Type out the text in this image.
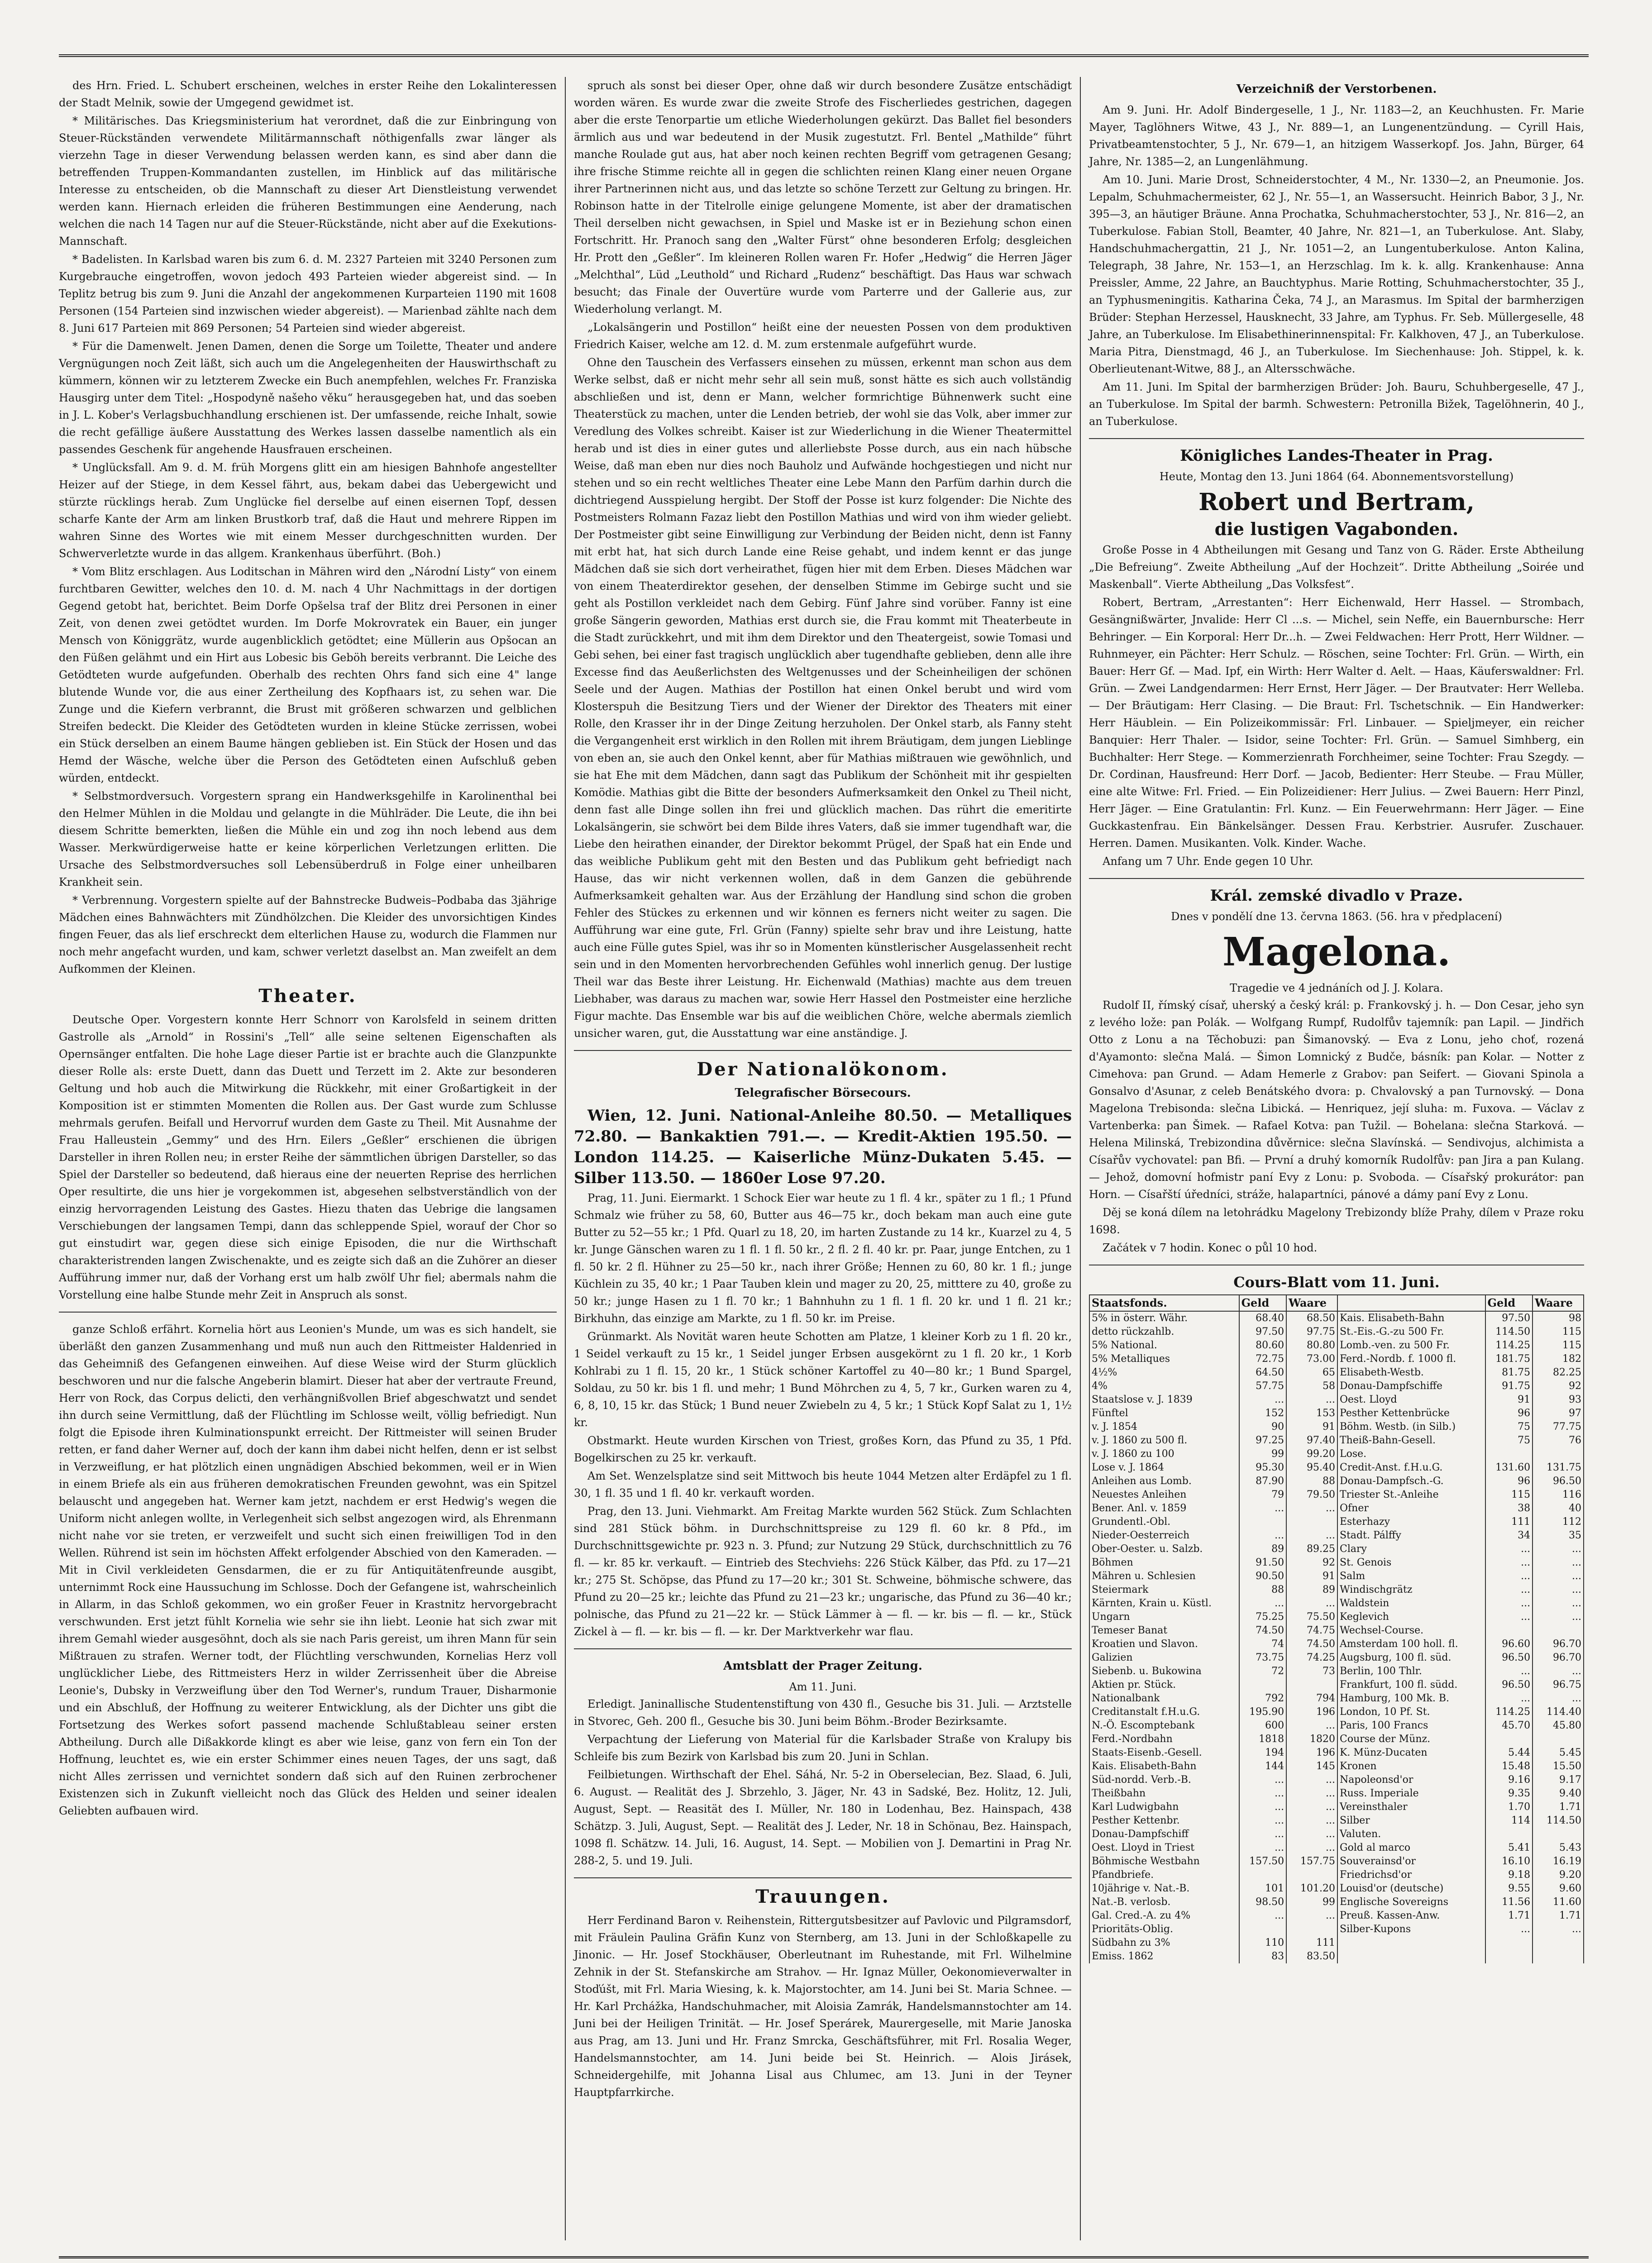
des Hrn. Fried. L. Schubert erscheinen, welches in erster Reihe den Lokalinteressen der Stadt Melnik, sowie der Umgegend gewidmet ist.

* Militärisches. Das Kriegsministerium hat verordnet, daß die zur Einbringung von Steuer-Rückständen verwendete Militärmannschaft nöthigenfalls zwar länger als vierzehn Tage in dieser Verwendung belassen werden kann, es sind aber dann die betreffenden Truppen-Kommandanten zustellen, im Hinblick auf das militärische Interesse zu entscheiden, ob die Mannschaft zu dieser Art Dienstleistung verwendet werden kann. Hiernach erleiden die früheren Bestimmungen eine Aenderung, nach welchen die nach 14 Tagen nur auf die Steuer-Rückstände, nicht aber auf die Exekutions-Mannschaft.

* Badelisten. In Karlsbad waren bis zum 6. d. M. 2327 Parteien mit 3240 Personen zum Kurgebrauche eingetroffen, wovon jedoch 493 Parteien wieder abgereist sind. — In Teplitz betrug bis zum 9. Juni die Anzahl der angekommenen Kurparteien 1190 mit 1608 Personen (154 Parteien sind inzwischen wieder abgereist). — Marienbad zählte nach dem 8. Juni 617 Parteien mit 869 Personen; 54 Parteien sind wieder abgereist.

* Für die Damenwelt. Jenen Damen, denen die Sorge um Toilette, Theater und andere Vergnügungen noch Zeit läßt, sich auch um die Angelegenheiten der Hauswirthschaft zu kümmern, können wir zu letzterem Zwecke ein Buch anempfehlen, welches Fr. Franziska Hausgirg unter dem Titel: „Hospodyně našeho věku“ herausgegeben hat, und das soeben in J. L. Kober's Verlagsbuchhandlung erschienen ist. Der umfassende, reiche Inhalt, sowie die recht gefällige äußere Ausstattung des Werkes lassen dasselbe namentlich als ein passendes Geschenk für angehende Hausfrauen erscheinen.

* Unglücksfall. Am 9. d. M. früh Morgens glitt ein am hiesigen Bahnhofe angestellter Heizer auf der Stiege, in dem Kessel fährt, aus, bekam dabei das Uebergewicht und stürzte rücklings herab. Zum Unglücke fiel derselbe auf einen eisernen Topf, dessen scharfe Kante der Arm am linken Brustkorb traf, daß die Haut und mehrere Rippen im wahren Sinne des Wortes wie mit einem Messer durchgeschnitten wurden. Der Schwerverletzte wurde in das allgem. Krankenhaus überführt. (Boh.)

* Vom Blitz erschlagen. Aus Loditschan in Mähren wird den „Národní Listy“ von einem furchtbaren Gewitter, welches den 10. d. M. nach 4 Uhr Nachmittags in der dortigen Gegend getobt hat, berichtet. Beim Dorfe Opšelsa traf der Blitz drei Personen in einer Zeit, von denen zwei getödtet wurden. Im Dorfe Mokrovratek ein Bauer, ein junger Mensch von Königgrätz, wurde augenblicklich getödtet; eine Müllerin aus Opšocan an den Füßen gelähmt und ein Hirt aus Lobesic bis Geböh bereits verbrannt. Die Leiche des Getödteten wurde aufgefunden. Oberhalb des rechten Ohrs fand sich eine 4" lange blutende Wunde vor, die aus einer Zertheilung des Kopfhaars ist, zu sehen war. Die Zunge und die Kiefern verbrannt, die Brust mit größeren schwarzen und gelblichen Streifen bedeckt. Die Kleider des Getödteten wurden in kleine Stücke zerrissen, wobei ein Stück derselben an einem Baume hängen geblieben ist. Ein Stück der Hosen und das Hemd der Wäsche, welche über die Person des Getödteten einen Aufschluß geben würden, entdeckt.

* Selbstmordversuch. Vorgestern sprang ein Handwerksgehilfe in Karolinenthal bei den Helmer Mühlen in die Moldau und gelangte in die Mühlräder. Die Leute, die ihn bei diesem Schritte bemerkten, ließen die Mühle ein und zog ihn noch lebend aus dem Wasser. Merkwürdigerweise hatte er keine körperlichen Verletzungen erlitten. Die Ursache des Selbstmordversuches soll Lebensüberdruß in Folge einer unheilbaren Krankheit sein.

* Verbrennung. Vorgestern spielte auf der Bahnstrecke Budweis–Podbaba das 3jährige Mädchen eines Bahnwächters mit Zündhölzchen. Die Kleider des unvorsichtigen Kindes fingen Feuer, das als lief erschreckt dem elterlichen Hause zu, wodurch die Flammen nur noch mehr angefacht wurden, und kam, schwer verletzt daselbst an. Man zweifelt an dem Aufkommen der Kleinen.

Theater.

Deutsche Oper. Vorgestern konnte Herr Schnorr von Karolsfeld in seinem dritten Gastrolle als „Arnold“ in Rossini's „Tell“ alle seine seltenen Eigenschaften als Opernsänger entfalten. Die hohe Lage dieser Partie ist er brachte auch die Glanzpunkte dieser Rolle als: erste Duett, dann das Duett und Terzett im 2. Akte zur besonderen Geltung und hob auch die Mitwirkung die Rückkehr, mit einer Großartigkeit in der Komposition ist er stimmten Momenten die Rollen aus. Der Gast wurde zum Schlusse mehrmals gerufen. Beifall und Hervorruf wurden dem Gaste zu Theil. Mit Ausnahme der Frau Halleustein „Gemmy“ und des Hrn. Eilers „Geßler“ erschienen die übrigen Darsteller in ihren Rollen neu; in erster Reihe der sämmtlichen übrigen Darsteller, so das Spiel der Darsteller so bedeutend, daß hieraus eine der neuerten Reprise des herrlichen Oper resultirte, die uns hier je vorgekommen ist, abgesehen selbstverständlich von der einzig hervorragenden Leistung des Gastes. Hiezu thaten das Uebrige die langsamen Verschiebungen der langsamen Tempi, dann das schleppende Spiel, worauf der Chor so gut einstudirt war, gegen diese sich einige Episoden, die nur die Wirthschaft charakteristrenden langen Zwischenakte, und es zeigte sich daß an die Zuhörer an dieser Aufführung immer nur, daß der Vorhang erst um halb zwölf Uhr fiel; abermals nahm die Vorstellung eine halbe Stunde mehr Zeit in Anspruch als sonst.

ganze Schloß erfährt. Kornelia hört aus Leonien's Munde, um was es sich handelt, sie überläßt den ganzen Zusammenhang und muß nun auch den Rittmeister Haldenried in das Geheimniß des Gefangenen einweihen. Auf diese Weise wird der Sturm glücklich beschworen und nur die falsche Angeberin blamirt. Dieser hat aber der vertraute Freund, Herr von Rock, das Corpus delicti, den verhängnißvollen Brief abgeschwatzt und sendet ihn durch seine Vermittlung, daß der Flüchtling im Schlosse weilt, völlig befriedigt. Nun folgt die Episode ihren Kulminationspunkt erreicht. Der Rittmeister will seinen Bruder retten, er fand daher Werner auf, doch der kann ihm dabei nicht helfen, denn er ist selbst in Verzweiflung, er hat plötzlich einen ungnädigen Abschied bekommen, weil er in Wien in einem Briefe als ein aus früheren demokratischen Freunden gewohnt, was ein Spitzel belauscht und angegeben hat. Werner kam jetzt, nachdem er erst Hedwig's wegen die Uniform nicht anlegen wollte, in Verlegenheit sich selbst angezogen wird, als Ehrenmann nicht nahe vor sie treten, er verzweifelt und sucht sich einen freiwilligen Tod in den Wellen. Rührend ist sein im höchsten Affekt erfolgender Abschied von den Kameraden. — Mit in Civil verkleideten Gensdarmen, die er zu für Antiquitätenfreunde ausgibt, unternimmt Rock eine Haussuchung im Schlosse. Doch der Gefangene ist, wahrscheinlich in Allarm, in das Schloß gekommen, wo ein großer Feuer in Krastnitz hervorgebracht verschwunden. Erst jetzt fühlt Kornelia wie sehr sie ihn liebt. Leonie hat sich zwar mit ihrem Gemahl wieder ausgesöhnt, doch als sie nach Paris gereist, um ihren Mann für sein Mißtrauen zu strafen. Werner todt, der Flüchtling verschwunden, Kornelias Herz voll unglücklicher Liebe, des Rittmeisters Herz in wilder Zerrissenheit über die Abreise Leonie's, Dubsky in Verzweiflung über den Tod Werner's, rundum Trauer, Disharmonie und ein Abschluß, der Hoffnung zu weiterer Entwicklung, als der Dichter uns gibt die Fortsetzung des Werkes sofort passend machende Schlußtableau seiner ersten Abtheilung. Durch alle Dißakkorde klingt es aber wie leise, ganz von fern ein Ton der Hoffnung, leuchtet es, wie ein erster Schimmer eines neuen Tages, der uns sagt, daß nicht Alles zerrissen und vernichtet sondern daß sich auf den Ruinen zerbrochener Existenzen sich in Zukunft vielleicht noch das Glück des Helden und seiner idealen Geliebten aufbauen wird.

spruch als sonst bei dieser Oper, ohne daß wir durch besondere Zusätze entschädigt worden wären. Es wurde zwar die zweite Strofe des Fischerliedes gestrichen, dagegen aber die erste Tenorpartie um etliche Wiederholungen gekürzt. Das Ballet fiel besonders ärmlich aus und war bedeutend in der Musik zugestutzt. Frl. Bentel „Mathilde“ führt manche Roulade gut aus, hat aber noch keinen rechten Begriff vom getragenen Gesang; ihre frische Stimme reichte all in gegen die schlichten reinen Klang einer neuen Organe ihrer Partnerinnen nicht aus, und das letzte so schöne Terzett zur Geltung zu bringen. Hr. Robinson hatte in der Titelrolle einige gelungene Momente, ist aber der dramatischen Theil derselben nicht gewachsen, in Spiel und Maske ist er in Beziehung schon einen Fortschritt. Hr. Pranoch sang den „Walter Fürst“ ohne besonderen Erfolg; desgleichen Hr. Prott den „Geßler“. Im kleineren Rollen waren Fr. Hofer „Hedwig“ die Herren Jäger „Melchthal“, Lüd „Leuthold“ und Richard „Rudenz“ beschäftigt. Das Haus war schwach besucht; das Finale der Ouvertüre wurde vom Parterre und der Gallerie aus, zur Wiederholung verlangt. M.

„Lokalsängerin und Postillon“ heißt eine der neuesten Possen von dem produktiven Friedrich Kaiser, welche am 12. d. M. zum erstenmale aufgeführt wurde.

Ohne den Tauschein des Verfassers einsehen zu müssen, erkennt man schon aus dem Werke selbst, daß er nicht mehr sehr all sein muß, sonst hätte es sich auch vollständig abschließen und ist, denn er Mann, welcher formrichtige Bühnenwerk sucht eine Theaterstück zu machen, unter die Lenden betrieb, der wohl sie das Volk, aber immer zur Veredlung des Volkes schreibt. Kaiser ist zur Wiederlichung in die Wiener Theatermittel herab und ist dies in einer gutes und allerliebste Posse durch, aus ein nach hübsche Weise, daß man eben nur dies noch Bauholz und Aufwände hochgestiegen und nicht nur stehen und so ein recht weltliches Theater eine Lebe Mann den Parfüm darhin durch die dichtriegend Ausspielung hergibt. Der Stoff der Posse ist kurz folgender: Die Nichte des Postmeisters Rolmann Fazaz liebt den Postillon Mathias und wird von ihm wieder geliebt. Der Postmeister gibt seine Einwilligung zur Verbindung der Beiden nicht, denn ist Fanny mit erbt hat, hat sich durch Lande eine Reise gehabt, und indem kennt er das junge Mädchen daß sie sich dort verheirathet, fügen hier mit dem Erben. Dieses Mädchen war von einem Theaterdirektor gesehen, der denselben Stimme im Gebirge sucht und sie geht als Postillon verkleidet nach dem Gebirg. Fünf Jahre sind vorüber. Fanny ist eine große Sängerin geworden, Mathias erst durch sie, die Frau kommt mit Theaterbeute in die Stadt zurückkehrt, und mit ihm dem Direktor und den Theatergeist, sowie Tomasi und Gebi sehen, bei einer fast tragisch unglücklich aber tugendhafte geblieben, denn alle ihre Excesse find das Aeußerlichsten des Weltgenusses und der Scheinheiligen der schönen Seele und der Augen. Mathias der Postillon hat einen Onkel berubt und wird vom Klosterspuh die Besitzung Tiers und der Wiener der Direktor des Theaters mit einer Rolle, den Krasser ihr in der Dinge Zeitung herzuholen. Der Onkel starb, als Fanny steht die Vergangenheit erst wirklich in den Rollen mit ihrem Bräutigam, dem jungen Lieblinge von eben an, sie auch den Onkel kennt, aber für Mathias mißtrauen wie gewöhnlich, und sie hat Ehe mit dem Mädchen, dann sagt das Publikum der Schönheit mit ihr gespielten Komödie. Mathias gibt die Bitte der besonders Aufmerksamkeit den Onkel zu Theil nicht, denn fast alle Dinge sollen ihn frei und glücklich machen. Das rührt die emeritirte Lokalsängerin, sie schwört bei dem Bilde ihres Vaters, daß sie immer tugendhaft war, die Liebe den heirathen einander, der Direktor bekommt Prügel, der Spaß hat ein Ende und das weibliche Publikum geht mit den Besten und das Publikum geht befriedigt nach Hause, das wir nicht verkennen wollen, daß in dem Ganzen die gebührende Aufmerksamkeit gehalten war. Aus der Erzählung der Handlung sind schon die groben Fehler des Stückes zu erkennen und wir können es ferners nicht weiter zu sagen. Die Aufführung war eine gute, Frl. Grün (Fanny) spielte sehr brav und ihre Leistung, hatte auch eine Fülle gutes Spiel, was ihr so in Momenten künstlerischer Ausgelassenheit recht sein und in den Momenten hervorbrechenden Gefühles wohl innerlich genug. Der lustige Theil war das Beste ihrer Leistung. Hr. Eichenwald (Mathias) machte aus dem treuen Liebhaber, was daraus zu machen war, sowie Herr Hassel den Postmeister eine herzliche Figur machte. Das Ensemble war bis auf die weiblichen Chöre, welche abermals ziemlich unsicher waren, gut, die Ausstattung war eine anständige. J.

Der Nationalökonom.
Telegrafischer Börsecours.

Wien, 12. Juni. National-Anleihe 80.50. — Metalliques 72.80. — Bankaktien 791.—. — Kredit-Aktien 195.50. — London 114.25. — Kaiserliche Münz-Dukaten 5.45. — Silber 113.50. — 1860er Lose 97.20.

Prag, 11. Juni. Eiermarkt. 1 Schock Eier war heute zu 1 fl. 4 kr., später zu 1 fl.; 1 Pfund Schmalz wie früher zu 58, 60, Butter aus 46—75 kr., doch bekam man auch eine gute Butter zu 52—55 kr.; 1 Pfd. Quarl zu 18, 20, im harten Zustande zu 14 kr., Kuarzel zu 4, 5 kr. Junge Gänschen waren zu 1 fl. 1 fl. 50 kr., 2 fl. 2 fl. 40 kr. pr. Paar, junge Entchen, zu 1 fl. 50 kr. 2 fl. Hühner zu 25—50 kr., nach ihrer Größe; Hennen zu 60, 80 kr. 1 fl.; junge Küchlein zu 35, 40 kr.; 1 Paar Tauben klein und mager zu 20, 25, mitttere zu 40, große zu 50 kr.; junge Hasen zu 1 fl. 70 kr.; 1 Bahnhuhn zu 1 fl. 1 fl. 20 kr. und 1 fl. 21 kr.; Birkhuhn, das einzige am Markte, zu 1 fl. 50 kr. im Preise.

Grünmarkt. Als Novität waren heute Schotten am Platze, 1 kleiner Korb zu 1 fl. 20 kr., 1 Seidel verkauft zu 15 kr., 1 Seidel junger Erbsen ausgekörnt zu 1 fl. 20 kr., 1 Korb Kohlrabi zu 1 fl. 15, 20 kr., 1 Stück schöner Kartoffel zu 40—80 kr.; 1 Bund Spargel, Soldau, zu 50 kr. bis 1 fl. und mehr; 1 Bund Möhrchen zu 4, 5, 7 kr., Gurken waren zu 4, 6, 8, 10, 15 kr. das Stück; 1 Bund neuer Zwiebeln zu 4, 5 kr.; 1 Stück Kopf Salat zu 1, 1½ kr.

Obstmarkt. Heute wurden Kirschen von Triest, großes Korn, das Pfund zu 35, 1 Pfd. Bogelkirschen zu 25 kr. verkauft.

Am Set. Wenzelsplatze sind seit Mittwoch bis heute 1044 Metzen alter Erdäpfel zu 1 fl. 30, 1 fl. 35 und 1 fl. 40 kr. verkauft worden.

Prag, den 13. Juni. Viehmarkt. Am Freitag Markte wurden 562 Stück. Zum Schlachten sind 281 Stück böhm. in Durchschnittspreise zu 129 fl. 60 kr. 8 Pfd., im Durchschnittsgewichte pr. 923 n. 3. Pfund; zur Nutzung 29 Stück, durchschnittlich zu 76 fl. — kr. 85 kr. verkauft. — Eintrieb des Stechviehs: 226 Stück Kälber, das Pfd. zu 17—21 kr.; 275 St. Schöpse, das Pfund zu 17—20 kr.; 301 St. Schweine, böhmische schwere, das Pfund zu 20—25 kr.; leichte das Pfund zu 21—23 kr.; ungarische, das Pfund zu 36—40 kr.; polnische, das Pfund zu 21—22 kr. — Stück Lämmer à — fl. — kr. bis — fl. — kr., Stück Zickel à — fl. — kr. bis — fl. — kr. Der Marktverkehr war flau.

Amtsblatt der Prager Zeitung.
Am 11. Juni.

Erledigt. Janinallische Studentenstiftung von 430 fl., Gesuche bis 31. Juli. — Arztstelle in Stvorec, Geh. 200 fl., Gesuche bis 30. Juni beim Böhm.-Broder Bezirksamte.

Verpachtung der Lieferung von Material für die Karlsbader Straße von Kralupy bis Schleife bis zum Bezirk von Karlsbad bis zum 20. Juni in Schlan.

Feilbietungen. Wirthschaft der Ehel. Sáhá, Nr. 5-2 in Oberselecian, Bez. Slaad, 6. Juli, 6. August. — Realität des J. Sbrzehlo, 3. Jäger, Nr. 43 in Sadské, Bez. Holitz, 12. Juli, August, Sept. — Reasität des I. Müller, Nr. 180 in Lodenhau, Bez. Hainspach, 438 Schätzp. 3. Juli, August, Sept. — Realität des J. Leder, Nr. 18 in Schönau, Bez. Hainspach, 1098 fl. Schätzw. 14. Juli, 16. August, 14. Sept. — Mobilien von J. Demartini in Prag Nr. 288-2, 5. und 19. Juli.

Trauungen.

Herr Ferdinand Baron v. Reihenstein, Rittergutsbesitzer auf Pavlovic und Pilgramsdorf, mit Fräulein Paulina Gräfin Kunz von Sternberg, am 13. Juni in der Schloßkapelle zu Jinonic. — Hr. Josef Stockhäuser, Oberleutnant im Ruhestande, mit Frl. Wilhelmine Zehnik in der St. Stefanskirche am Strahov. — Hr. Ignaz Müller, Oekonomieverwalter in Stoďúšt, mit Frl. Maria Wiesing, k. k. Majorstochter, am 14. Juni bei St. Maria Schnee. — Hr. Karl Prchážka, Handschuhmacher, mit Aloisia Zamrák, Handelsmannstochter am 14. Juni bei der Heiligen Trinität. — Hr. Josef Sperárek, Maurergeselle, mit Marie Janoska aus Prag, am 13. Juni und Hr. Franz Smrcka, Geschäftsführer, mit Frl. Rosalia Weger, Handelsmannstochter, am 14. Juni beide bei St. Heinrich. — Alois Jirásek, Schneidergehilfe, mit Johanna Lisal aus Chlumec, am 13. Juni in der Teyner Hauptpfarrkirche.

Verzeichniß der Verstorbenen.

Am 9. Juni. Hr. Adolf Bindergeselle, 1 J., Nr. 1183—2, an Keuchhusten. Fr. Marie Mayer, Taglöhners Witwe, 43 J., Nr. 889—1, an Lungenentzündung. — Cyrill Hais, Privatbeamtenstochter, 5 J., Nr. 679—1, an hitzigem Wasserkopf. Jos. Jahn, Bürger, 64 Jahre, Nr. 1385—2, an Lungenlähmung.

Am 10. Juni. Marie Drost, Schneiderstochter, 4 M., Nr. 1330—2, an Pneumonie. Jos. Lepalm, Schuhmachermeister, 62 J., Nr. 55—1, an Wassersucht. Heinrich Babor, 3 J., Nr. 395—3, an häutiger Bräune. Anna Prochatka, Schuhmacherstochter, 53 J., Nr. 816—2, an Tuberkulose. Fabian Stoll, Beamter, 40 Jahre, Nr. 821—1, an Tuberkulose. Ant. Slaby, Handschuhmachergattin, 21 J., Nr. 1051—2, an Lungentuberkulose. Anton Kalina, Telegraph, 38 Jahre, Nr. 153—1, an Herzschlag. Im k. k. allg. Krankenhause: Anna Preissler, Amme, 22 Jahre, an Bauchtyphus. Marie Rotting, Schuhmacherstochter, 35 J., an Typhusmeningitis. Katharina Čeka, 74 J., an Marasmus. Im Spital der barmherzigen Brüder: Stephan Herzessel, Hausknecht, 33 Jahre, am Typhus. Fr. Seb. Müllergeselle, 48 Jahre, an Tuberkulose. Im Elisabethinerinnenspital: Fr. Kalkhoven, 47 J., an Tuberkulose. Maria Pitra, Dienstmagd, 46 J., an Tuberkulose. Im Siechenhause: Joh. Stippel, k. k. Oberlieutenant-Witwe, 88 J., an Altersschwäche.

Am 11. Juni. Im Spital der barmherzigen Brüder: Joh. Bauru, Schuhbergeselle, 47 J., an Tuberkulose. Im Spital der barmh. Schwestern: Petronilla Bižek, Tagelöhnerin, 40 J., an Tuberkulose.

Königliches Landes-Theater in Prag.
Heute, Montag den 13. Juni 1864 (64. Abonnementsvorstellung)
Robert und Bertram,
die lustigen Vagabonden.

Große Posse in 4 Abtheilungen mit Gesang und Tanz von G. Räder. Erste Abtheilung „Die Befreiung“. Zweite Abtheilung „Auf der Hochzeit“. Dritte Abtheilung „Soirée und Maskenball“. Vierte Abtheilung „Das Volksfest“.

Robert, Bertram, „Arrestanten“: Herr Eichenwald, Herr Hassel. — Strombach, Gesängnißwärter, Jnvalide: Herr Cl ...s. — Michel, sein Neffe, ein Bauernbursche: Herr Behringer. — Ein Korporal: Herr Dr...h. — Zwei Feldwachen: Herr Prott, Herr Wildner. — Ruhnmeyer, ein Pächter: Herr Schulz. — Röschen, seine Tochter: Frl. Grün. — Wirth, ein Bauer: Herr Gf. — Mad. Ipf, ein Wirth: Herr Walter d. Aelt. — Haas, Käuferswaldner: Frl. Grün. — Zwei Landgendarmen: Herr Ernst, Herr Jäger. — Der Brautvater: Herr Welleba. — Der Bräutigam: Herr Clasing. — Die Braut: Frl. Tschetschnik. — Ein Handwerker: Herr Häublein. — Ein Polizeikommissär: Frl. Linbauer. — Spieljmeyer, ein reicher Banquier: Herr Thaler. — Isidor, seine Tochter: Frl. Grün. — Samuel Simhberg, ein Buchhalter: Herr Stege. — Kommerzienrath Forchheimer, seine Tochter: Frau Szegdy. — Dr. Cordinan, Hausfreund: Herr Dorf. — Jacob, Bedienter: Herr Steube. — Frau Müller, eine alte Witwe: Frl. Fried. — Ein Polizeidiener: Herr Julius. — Zwei Bauern: Herr Pinzl, Herr Jäger. — Eine Gratulantin: Frl. Kunz. — Ein Feuerwehrmann: Herr Jäger. — Eine Guckkastenfrau. Ein Bänkelsänger. Dessen Frau. Kerbstrier. Ausrufer. Zuschauer. Herren. Damen. Musikanten. Volk. Kinder. Wache.

Anfang um 7 Uhr. Ende gegen 10 Uhr.

Král. zemské divadlo v Praze.
Dnes v pondělí dne 13. června 1863. (56. hra v předplacení)
Magelona.
Tragedie ve 4 jednáních od J. J. Kolara.

Rudolf II, římský císař, uherský a český král: p. Frankovský j. h. — Don Cesar, jeho syn z levého lože: pan Polák. — Wolfgang Rumpf, Rudolfův tajemník: pan Lapil. — Jindřich Otto z Lonu a na Těchobuzi: pan Šimanovský. — Eva z Lonu, jeho choť, rozená d'Ayamonto: slečna Malá. — Šimon Lomnický z Budče, básník: pan Kolar. — Notter z Cimehova: pan Grund. — Adam Hemerle z Grabov: pan Seifert. — Giovani Spinola a Gonsalvo d'Asunar, z celeb Benátského dvora: p. Chvalovský a pan Turnovský. — Dona Magelona Trebisonda: slečna Libická. — Henriquez, její sluha: m. Fuxova. — Václav z Vartenberka: pan Šimek. — Rafael Kotva: pan Tužil. — Bohelana: slečna Starková. — Helena Milinská, Trebizondina důvěrnice: slečna Slavínská. — Sendivojus, alchimista a Císařův vychovatel: pan Bfi. — První a druhý komorník Rudolfův: pan Jira a pan Kulang. — Jehož, domovní hofmistr paní Evy z Lonu: p. Svoboda. — Císařský prokurátor: pan Horn. — Císařští úředníci, stráže, halapartníci, pánové a dámy paní Evy z Lonu.

Děj se koná dílem na letohrádku Magelony Trebizondy blíže Prahy, dílem v Praze roku 1698.

Začátek v 7 hodin. Konec o půl 10 hod.

Cours-Blatt vom 11. Juni.
Staatsfonds.	Geld	Waare		Geld	Waare
5% in österr. Währ.	68.40	68.50	Kais. Elisabeth-Bahn	97.50	98
detto rückzahlb.	97.50	97.75	St.-Eis.-G.-zu 500 Fr.	114.50	115
5% National.	80.60	80.80	Lomb.-ven. zu 500 Fr.	114.25	115
5% Metalliques	72.75	73.00	Ferd.-Nordb. f. 1000 fl.	181.75	182
4½%	64.50	65	Elisabeth-Westb.	81.75	82.25
4%	57.75	58	Donau-Dampfschiffe	91.75	92
Staatslose v. J. 1839	...	...	Oest. Lloyd	91	93
Fünftel	152	153	Pesther Kettenbrücke	96	97
v. J. 1854	90	91	Böhm. Westb. (in Silb.)	75	77.75
v. J. 1860 zu 500 fl.	97.25	97.40	Theiß-Bahn-Gesell.	75	76
v. J. 1860 zu 100	99	99.20	Lose.		
Lose v. J. 1864	95.30	95.40	Credit-Anst. f.H.u.G.	131.60	131.75
Anleihen aus Lomb.	87.90	88	Donau-Dampfsch.-G.	96	96.50
Neuestes Anleihen	79	79.50	Triester St.-Anleihe	115	116
Bener. Anl. v. 1859	...	...	Ofner	38	40
Grundentl.-Obl.			Esterhazy	111	112
Nieder-Oesterreich	...	...	Stadt. Pálffy	34	35
Ober-Oester. u. Salzb.	89	89.25	Clary	...	...
Böhmen	91.50	92	St. Genois	...	...
Mähren u. Schlesien	90.50	91	Salm	...	...
Steiermark	88	89	Windischgrätz	...	...
Kärnten, Krain u. Küstl.	...	...	Waldstein	...	...
Ungarn	75.25	75.50	Keglevich	...	...
Temeser Banat	74.50	74.75	Wechsel-Course.		
Kroatien und Slavon.	74	74.50	Amsterdam 100 holl. fl.	96.60	96.70
Galizien	73.75	74.25	Augsburg, 100 fl. süd.	96.50	96.70
Siebenb. u. Bukowina	72	73	Berlin, 100 Thlr.	...	...
Aktien pr. Stück.			Frankfurt, 100 fl. südd.	96.50	96.75
Nationalbank	792	794	Hamburg, 100 Mk. B.	...	...
Creditanstalt f.H.u.G.	195.90	196	London, 10 Pf. St.	114.25	114.40
N.-Ö. Escomptebank	600	...	Paris, 100 Francs	45.70	45.80
Ferd.-Nordbahn	1818	1820	Course der Münz.		
Staats-Eisenb.-Gesell.	194	196	K. Münz-Ducaten	5.44	5.45
Kais. Elisabeth-Bahn	144	145	Kronen	15.48	15.50
Süd-nordd. Verb.-B.	...	...	Napoleonsd'or	9.16	9.17
Theißbahn	...	...	Russ. Imperiale	9.35	9.40
Karl Ludwigbahn	...	...	Vereinsthaler	1.70	1.71
Pesther Kettenbr.	...	...	Silber	114	114.50
Donau-Dampfschiff	...	...	Valuten.		
Oest. Lloyd in Triest	...	...	Gold al marco	5.41	5.43
Böhmische Westbahn	157.50	157.75	Souverainsd'or	16.10	16.19
Pfandbriefe.			Friedrichsd'or	9.18	9.20
10jährige v. Nat.-B.	101	101.20	Louisd'or (deutsche)	9.55	9.60
Nat.-B. verlosb.	98.50	99	Englische Sovereigns	11.56	11.60
Gal. Cred.-A. zu 4%	...	...	Preuß. Kassen-Anw.	1.71	1.71
Prioritäts-Oblig.			Silber-Kupons	...	...
Südbahn zu 3%	110	111			
Emiss. 1862	83	83.50			
